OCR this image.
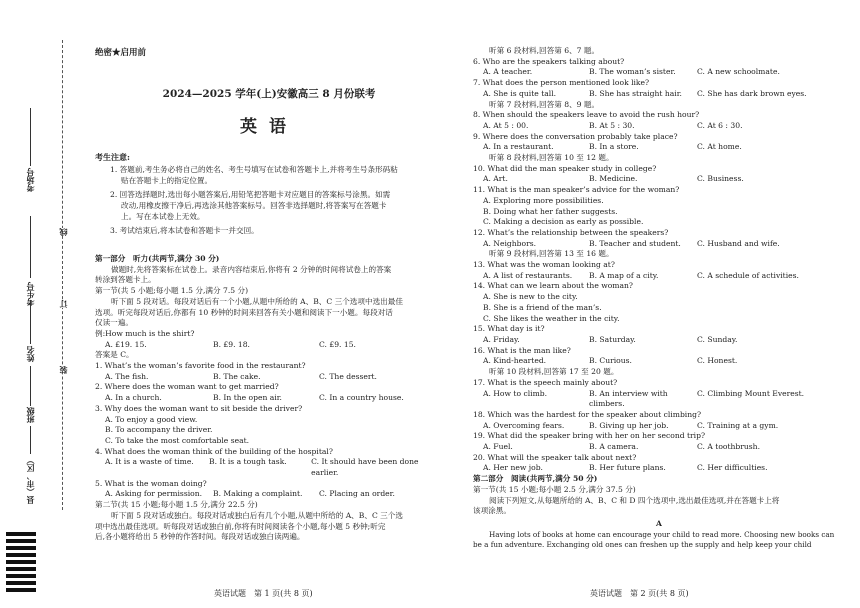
考场号
考生号
姓名
班级
县（市、区）
线
订
装
绝密★启用前
2024—2025 学年(上)安徽高三 8 月份联考
英语
考生注意:
1. 答题前,考生务必将自己的姓名、考生号填写在试卷和答题卡上,并将考生号条形码粘
贴在答题卡上的指定位置。
2. 回答选择题时,选出每小题答案后,用铅笔把答题卡对应题目的答案标号涂黑。如需
改动,用橡皮擦干净后,再选涂其他答案标号。回答非选择题时,将答案写在答题卡
上。写在本试卷上无效。
3. 考试结束后,将本试卷和答题卡一并交回。
第一部分　听力(共两节,满分 30 分)
做题时,先将答案标在试卷上。录音内容结束后,你将有 2 分钟的时间将试卷上的答案
转涂到答题卡上。
第一节(共 5 小题;每小题 1.5 分,满分 7.5 分)
听下面 5 段对话。每段对话后有一个小题,从题中所给的 A、B、C 三个选项中选出最佳
选项。听完每段对话后,你都有 10 秒钟的时间来回答有关小题和阅读下一小题。每段对话
仅读一遍。
例:How much is the shirt?
A. £19. 15.	B. £9. 18.	C. £9. 15.
答案是 C。
1. What’s the woman’s favorite food in the restaurant?
A. The fish.	B. The cake.	C. The dessert.
2. Where does the woman want to get married?
A. In a church.	B. In the open air.	C. In a country house.
3. Why does the woman want to sit beside the driver?
A. To enjoy a good view.
B. To accompany the driver.
C. To take the most comfortable seat.
4. What does the woman think of the building of the hospital?
A. It is a waste of time.	B. It is a tough task.	C. It should have been done earlier.
5. What is the woman doing?
A. Asking for permission.	B. Making a complaint.	C. Placing an order.
第二节(共 15 小题;每小题 1.5 分,满分 22.5 分)
听下面 5 段对话或独白。每段对话或独白后有几个小题,从题中所给的 A、B、C 三个选
项中选出最佳选项。听每段对话或独白前,你将有时间阅读各个小题,每小题 5 秒钟;听完
后,各小题将给出 5 秒钟的作答时间。每段对话或独白读两遍。
听第 6 段材料,回答第 6、7 题。
6. Who are the speakers talking about?
A. A teacher.	B. The woman’s sister.	C. A new schoolmate.
7. What does the person mentioned look like?
A. She is quite tall.	B. She has straight hair.	C. She has dark brown eyes.
听第 7 段材料,回答第 8、9 题。
8. When should the speakers leave to avoid the rush hour?
A. At 5 : 00.	B. At 5 : 30.	C. At 6 : 30.
9. Where does the conversation probably take place?
A. In a restaurant.	B. In a store.	C. At home.
听第 8 段材料,回答第 10 至 12 题。
10. What did the man speaker study in college?
A. Art.	B. Medicine.	C. Business.
11. What is the man speaker’s advice for the woman?
A. Exploring more possibilities.
B. Doing what her father suggests.
C. Making a decision as early as possible.
12. What’s the relationship between the speakers?
A. Neighbors.	B. Teacher and student.	C. Husband and wife.
听第 9 段材料,回答第 13 至 16 题。
13. What was the woman looking at?
A. A list of restaurants.	B. A map of a city.	C. A schedule of activities.
14. What can we learn about the woman?
A. She is new to the city.
B. She is a friend of the man’s.
C. She likes the weather in the city.
15. What day is it?
A. Friday.	B. Saturday.	C. Sunday.
16. What is the man like?
A. Kind-hearted.	B. Curious.	C. Honest.
听第 10 段材料,回答第 17 至 20 题。
17. What is the speech mainly about?
A. How to climb.	B. An interview with climbers.
C. Climbing Mount Everest.
18. Which was the hardest for the speaker about climbing?
A. Overcoming fears.	B. Giving up her job.	C. Training at a gym.
19. What did the speaker bring with her on her second trip?
A. Fuel.	B. A camera.	C. A toothbrush.
20. What will the speaker talk about next?
A. Her new job.	B. Her future plans.	C. Her difficulties.
第二部分　阅读(共两节,满分 50 分)
第一节(共 15 小题;每小题 2.5 分,满分 37.5 分)
阅读下列短文,从每题所给的 A、B、C 和 D 四个选项中,选出最佳选项,并在答题卡上将
该项涂黑。
A
Having lots of books at home can encourage your child to read more. Choosing new books can
be a fun adventure. Exchanging old ones can freshen up the supply and help keep your child
英语试题　第 1 页(共 8 页)	英语试题　第 2 页(共 8 页)
